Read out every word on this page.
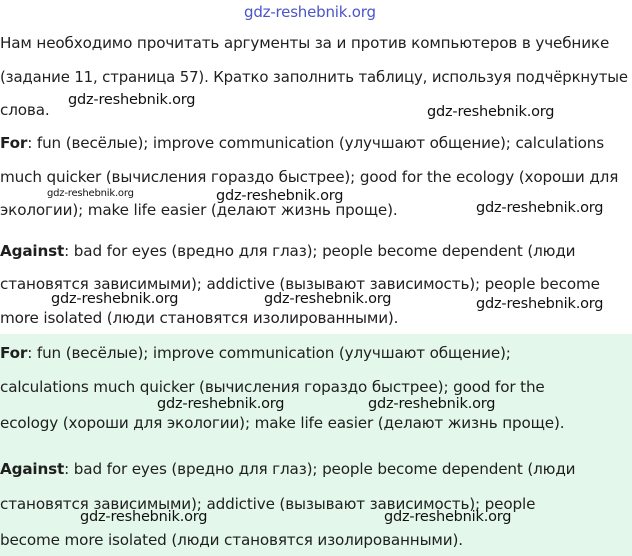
gdz-reshebnik.org
Нам необходимо прочитать аргументы за и против компьютеров в учебнике
(задание 11, страница 57). Кратко заполнить таблицу, используя подчёркнутые
слова.
For: fun (весёлые); improve communication (улучшают общение); calculations
much quicker (вычисления гораздо быстрее); good for the ecology (хороши для
экологии); make life easier (делают жизнь проще).
Against: bad for eyes (вредно для глаз); people become dependent (люди
становятся зависимыми); addictive (вызывают зависимость); people become
more isolated (люди становятся изолированными).
For: fun (весёлые); improve communication (улучшают общение);
calculations much quicker (вычисления гораздо быстрее); good for the
ecology (хороши для экологии); make life easier (делают жизнь проще).
Against: bad for eyes (вредно для глаз); people become dependent (люди
становятся зависимыми); addictive (вызывают зависимость); people
become more isolated (люди становятся изолированными).
gdz-reshebnik.org
gdz-reshebnik.org
gdz-reshebnik.org	gdz-reshebnik.org
gdz-reshebnik.org
gdz-reshebnik.org	gdz-reshebnik.org	gdz-reshebnik.org
gdz-reshebnik.org	gdz-reshebnik.org
gdz-reshebnik.org	gdz-reshebnik.org
